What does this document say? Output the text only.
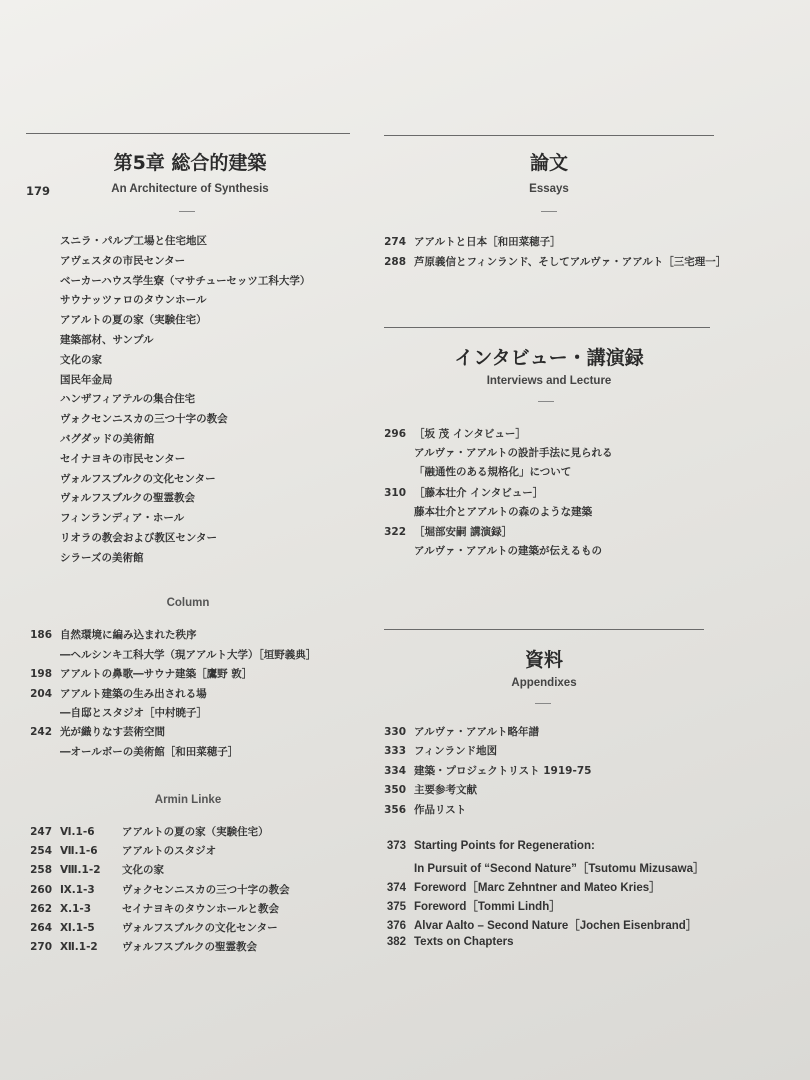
第5章 総合的建築
179	An Architecture of Synthesis
スニラ・パルプ工場と住宅地区
アヴェスタの市民センター
ベーカーハウス学生寮（マサチューセッツ工科大学）
サウナッツァロのタウンホール
アアルトの夏の家（実験住宅）
建築部材、サンプル
文化の家
国民年金局
ハンザフィアテルの集合住宅
ヴォクセンニスカの三つ十字の教会
バグダッドの美術館
セイナヨキの市民センター
ヴォルフスブルクの文化センター
ヴォルフスブルクの聖霊教会
フィンランディア・ホール
リオラの教会および教区センター
シラーズの美術館
Column
186 自然環境に編み込まれた秩序
―ヘルシンキ工科大学（現アアルト大学）［垣野義典］
198 アアルトの鼻歌―サウナ建築［鷹野 敦］
204 アアルト建築の生み出される場
―自邸とスタジオ［中村暁子］
242 光が織りなす芸術空間
―オールボーの美術館［和田菜穂子］
Armin Linke
247 Ⅵ.1-6	アアルトの夏の家（実験住宅）
254 Ⅶ.1-6 アアルトのスタジオ
258 Ⅷ.1-2 文化の家
260 Ⅸ.1-3	ヴォクセンニスカの三つ十字の教会
262 Ⅹ.1-3	セイナヨキのタウンホールと教会
264 Ⅺ.1-5	ヴォルフスブルクの文化センター
270 Ⅻ.1-2 ヴォルフスブルクの聖霊教会
論文
Essays
274 アアルトと日本［和田菜穂子］
288 芦原義信とフィンランド、そしてアルヴァ・アアルト［三宅理一］
インタビュー・講演録
Interviews and Lecture
296 ［坂 茂 インタビュー］
アルヴァ・アアルトの設計手法に見られる
「融通性のある規格化」について
310 ［藤本壮介 インタビュー］
藤本壮介とアアルトの森のような建築
322 ［堀部安嗣 講演録］
アルヴァ・アアルトの建築が伝えるもの
資料
Appendixes
330 アルヴァ・アアルト略年譜
333 フィンランド地図
334 建築・プロジェクトリスト 1919-75
350 主要参考文献
356 作品リスト
373 Starting Points for Regeneration:
In Pursuit of “Second Nature”［Tsutomu Mizusawa］
374 Foreword［Marc Zehntner and Mateo Kries］
375 Foreword［Tommi Lindh］
376 Alvar Aalto – Second Nature［Jochen Eisenbrand］
382 Texts on Chapters
